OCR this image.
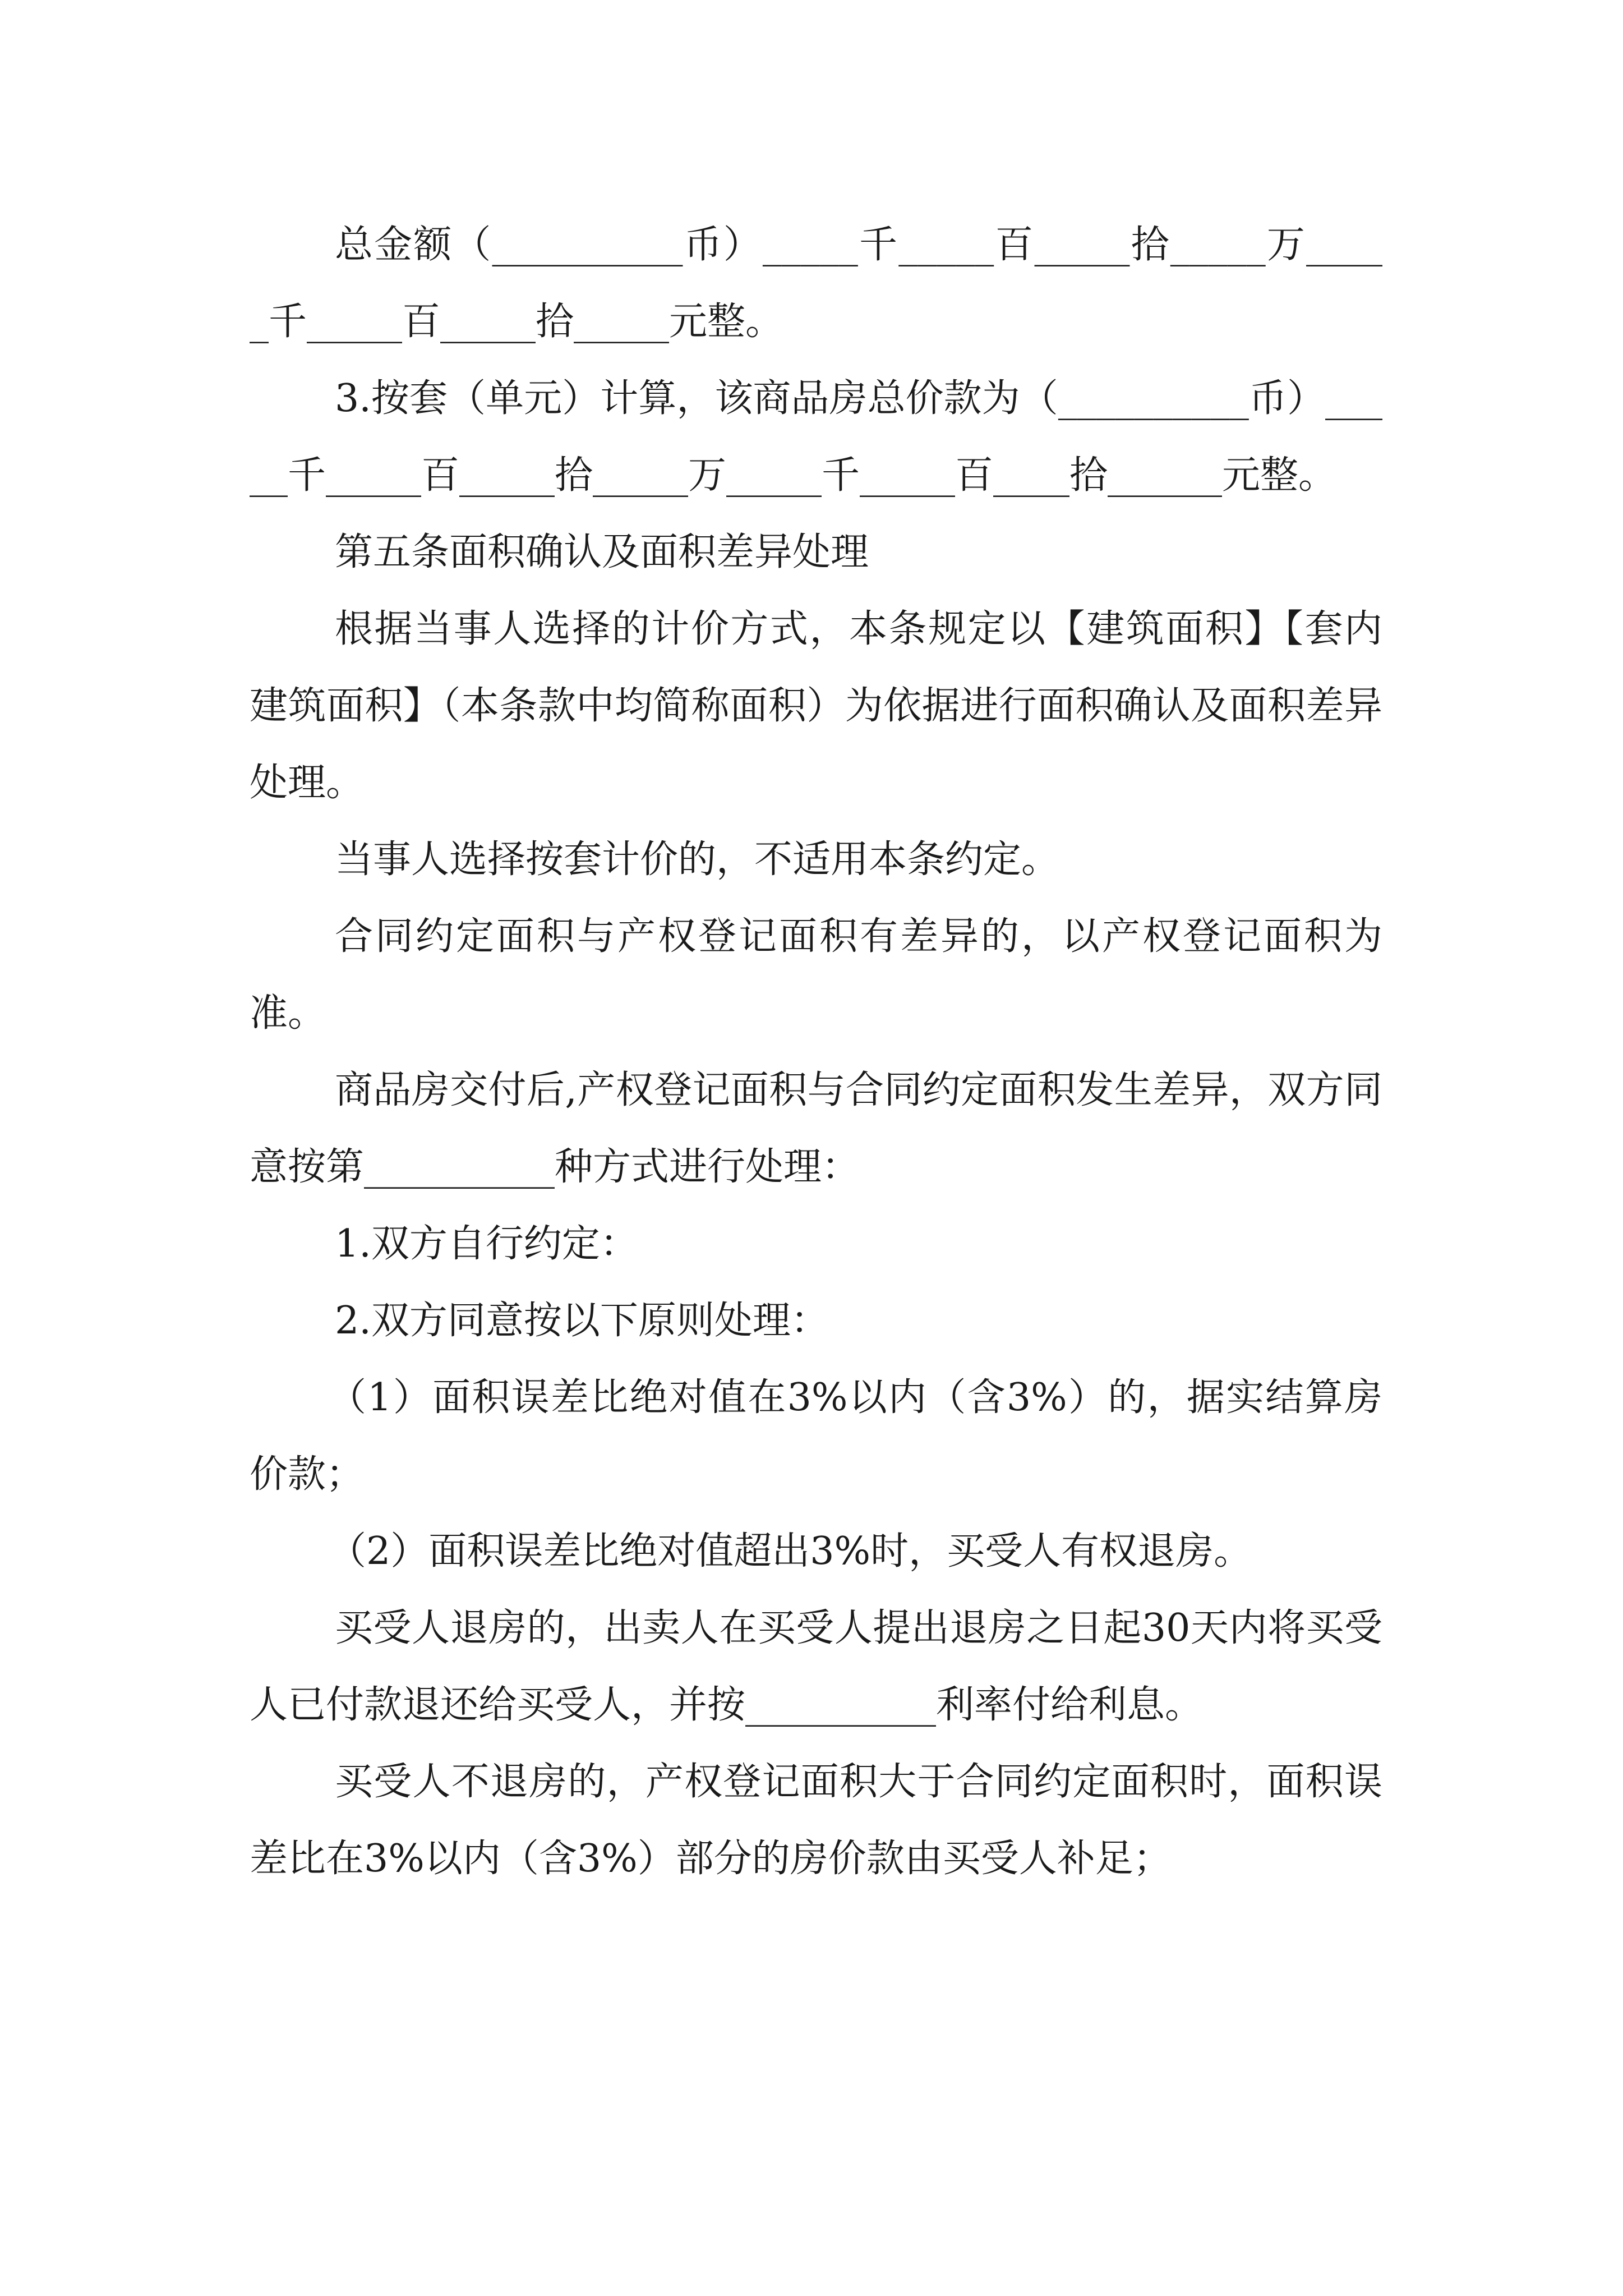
总金额（__________币）_____千_____百_____拾_____万_____千_____百_____拾_____元整。

3.按套（单元）计算，该商品房总价款为（__________币）_____千_____百_____拾_____万_____千_____百____拾______元整。

第五条面积确认及面积差异处理

根据当事人选择的计价方式，本条规定以【建筑面积】【套内建筑面积】（本条款中均简称面积）为依据进行面积确认及面积差异处理。

当事人选择按套计价的，不适用本条约定。

合同约定面积与产权登记面积有差异的，以产权登记面积为准。

商品房交付后,产权登记面积与合同约定面积发生差异，双方同意按第__________种方式进行处理：

1.双方自行约定：

2.双方同意按以下原则处理：

（1）面积误差比绝对值在3%以内（含3%）的，据实结算房价款；

（2）面积误差比绝对值超出3%时，买受人有权退房。

买受人退房的，出卖人在买受人提出退房之日起30天内将买受人已付款退还给买受人，并按__________利率付给利息。

买受人不退房的，产权登记面积大于合同约定面积时，面积误差比在3%以内（含3%）部分的房价款由买受人补足；
